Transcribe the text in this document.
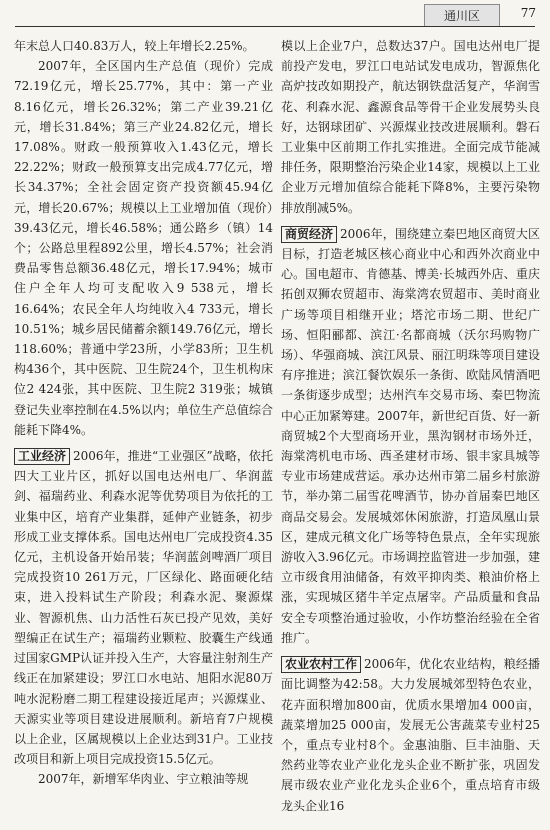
通川区	77

年末总人口40.83万人，较上年增长2.25%。

2007年，全区国内生产总值（现价）完成72.19亿元，增长25.77%，其中：第一产业8.16亿元，增长26.32%；第二产业39.21亿元，增长31.84%；第三产业24.82亿元，增长17.08%。财政一般预算收入1.43亿元，增长22.22%；财政一般预算支出完成4.77亿元，增长34.37%；全社会固定资产投资额45.94亿元，增长20.67%；规模以上工业增加值（现价）39.43亿元，增长46.58%；通公路乡（镇）14个；公路总里程892公里，增长4.57%；社会消费品零售总额36.48亿元，增长17.94%；城市住户全年人均可支配收入9 538元，增长16.64%；农民全年人均纯收入4 733元，增长10.51%；城乡居民储蓄余额149.76亿元，增长118.60%；普通中学23所，小学83所；卫生机构436个，其中医院、卫生院24个，卫生机构床位2 424张，其中医院、卫生院2 319张；城镇登记失业率控制在4.5%以内；单位生产总值综合能耗下降4%。

工业经济 2006年，推进“工业强区”战略，依托四大工业片区，抓好以国电达州电厂、华润蓝剑、福瑞药业、利森水泥等优势项目为依托的工业集中区，培育产业集群，延伸产业链条，初步形成工业支撑体系。国电达州电厂完成投资4.35亿元，主机设备开始吊装；华润蓝剑啤酒厂项目完成投资10 261万元，厂区绿化、路面硬化结束，进入投料试生产阶段；利森水泥、聚源煤业、智源机焦、山力活性石灰已投产见效，美好塑编正在试生产；福瑞药业颗粒、胶囊生产线通过国家GMP认证并投入生产，大容量注射剂生产线正在加紧建设；罗江口水电站、旭阳水泥80万吨水泥粉磨二期工程建设接近尾声；兴源煤业、天源实业等项目建设进展顺利。新培育7户规模以上企业，区属规模以上企业达到31户。工业技改项目和新上项目完成投资15.5亿元。

2007年，新增军华肉业、宇立粮油等规

模以上企业7户，总数达37户。国电达州电厂提前投产发电，罗江口电站试发电成功，智源焦化高炉技改如期投产，航达钢铁盘活复产，华润雪花、利森水泥、鑫源食品等骨干企业发展势头良好，达钢球团矿、兴源煤业技改进展顺利。磐石工业集中区前期工作扎实推进。全面完成节能减排任务，限期整治污染企业14家，规模以上工业企业万元增加值综合能耗下降8%，主要污染物排放削减5%。

商贸经济 2006年，围绕建立秦巴地区商贸大区目标，打造老城区核心商业中心和西外次商业中心。国电超市、肯德基、博美·长城西外店、重庆拓创双狮农贸超市、海棠湾农贸超市、美时商业广场等项目相继开业；塔沱市场二期、世纪广场、恒阳郦都、滨江·名都商城（沃尔玛购物广场）、华强商城、滨江风景、丽江明珠等项目建设有序推进；滨江餐饮娱乐一条街、欧陆风情酒吧一条街逐步成型；达州汽车交易市场、秦巴物流中心正加紧筹建。2007年，新世纪百货、好一新商贸城2个大型商场开业，黑沟钢材市场外迁，海棠湾机电市场、西圣建材市场、银丰家具城等专业市场建成营运。承办达州市第二届乡村旅游节，举办第二届雪花啤酒节，协办首届秦巴地区商品交易会。发展城郊休闲旅游，打造凤凰山景区，建成元稹文化广场等特色景点，全年实现旅游收入3.96亿元。市场调控监管进一步加强，建立市级食用油储备，有效平抑肉类、粮油价格上涨，实现城区猪牛羊定点屠宰。产品质量和食品安全专项整治通过验收，小作坊整治经验在全省推广。

农业农村工作 2006年，优化农业结构，粮经播面比调整为42:58。大力发展城郊型特色农业，花卉面积增加800亩，优质水果增加4 000亩，蔬菜增加25 000亩，发展无公害蔬菜专业村25个，重点专业村8个。金惠油脂、巨丰油脂、天然药业等农业产业化龙头企业不断扩张，巩固发展市级农业产业化龙头企业6个，重点培育市级龙头企业16
